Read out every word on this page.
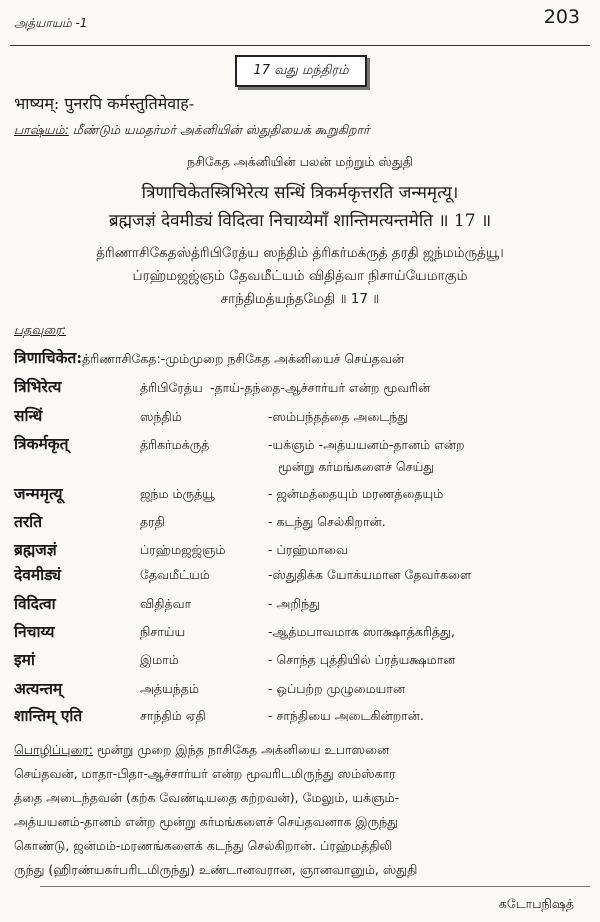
203
அத்யாயம் -1
17 வது மந்திரம்
भाष्यम्: पुनरपि कर्मस्तुतिमेवाह-
பாஷ்யம்: மீண்டும் யமதர்மர் அக்னியின் ஸ்துதியைக் கூறுகிறார்
நசிகேத அக்னியின் பலன் மற்றும் ஸ்துதி
त्रिणाचिकेतस्त्रिभिरेत्य सन्धिं त्रिकर्मकृत्तरति जन्ममृत्यू।
ब्रह्मजज्ञं देवमीड्यं विदित्वा निचाय्येमाँ शान्तिमत्यन्तमेति ॥ 17 ॥
த்ரிணாசிகேதஸ்த்ரிபிரேத்ய ஸந்திம் த்ரிகர்மக்ருத் தரதி ஜந்மம்ருத்யூ।
ப்ரஹ்மஜஜ்ஞம் தேவமீட்யம் விதித்வா நிசாய்யேமாகும்
சாந்திமத்யந்தமேதி ॥ 17 ॥
பதவுரை:
त्रिणाचिकेत:த்ரிணாசிகேத:-மும்முறை நசிகேத அக்னியைச் செய்தவன்
त्रिभिरेत्य	த்ரிபிரேத்ய -தாய்-தந்தை-ஆச்சார்யர் என்ற மூவரின்
सन्धिं	ஸந்திம்	-ஸம்பந்தத்தை அடைந்து
त्रिकर्मकृत्	த்ரிகர்மக்ருத்	-யக்ஞம் -அத்யயனம்-தானம் என்ற
மூன்று கர்மங்களைச் செய்து
जन्ममृत्यू	ஜந்ம ம்ருத்யூ	- ஜன்மத்தையும் மரணத்தையும்
तरति	தரதி	- கடந்து செல்கிறான்.
ब्रह्मजज्ञं	ப்ரஹ்மஜஜ்ஞம்	- ப்ரஹ்மாவை
देवमीड्यं	தேவமீட்யம்	-ஸ்துதிக்க யோக்யமான தேவர்களை
विदित्वा	விதித்வா	- அறிந்து
निचाय्य	நிசாய்ய	-ஆத்மபாவமாக ஸாக்ஷாத்கரித்து,
इमां	இமாம்	- சொந்த புத்தியில் ப்ரத்யக்ஷமான
अत्यन्तम्	அத்யந்தம்	- ஒப்பற்ற முழுமையான
शान्तिम् एति	சாந்திம் ஏதி	- சாந்தியை அடைகின்றான்.
பொழிப்புரை: மூன்று முறை இந்த நாசிகேத அக்னியை உபாஸனை
செய்தவன், மாதா-பிதா-ஆச்சார்யர் என்ற மூவரிடமிருந்து ஸம்ஸ்கார
த்தை அடைந்தவன் (கற்க வேண்டியதை கற்றவன்), மேலும், யக்ஞம்-
அத்யயனம்-தானம் என்ற மூன்று கர்மங்களைச் செய்தவனாக இருந்து
கொண்டு, ஜன்மம்-மரணங்களைக் கடந்து செல்கிறான். ப்ரஹ்மத்திலி
ருந்து (ஹிரண்யகர்பரிடமிருந்து) உண்டானவரான, ஞானவானும், ஸ்துதி
கடோபநிஷத்
